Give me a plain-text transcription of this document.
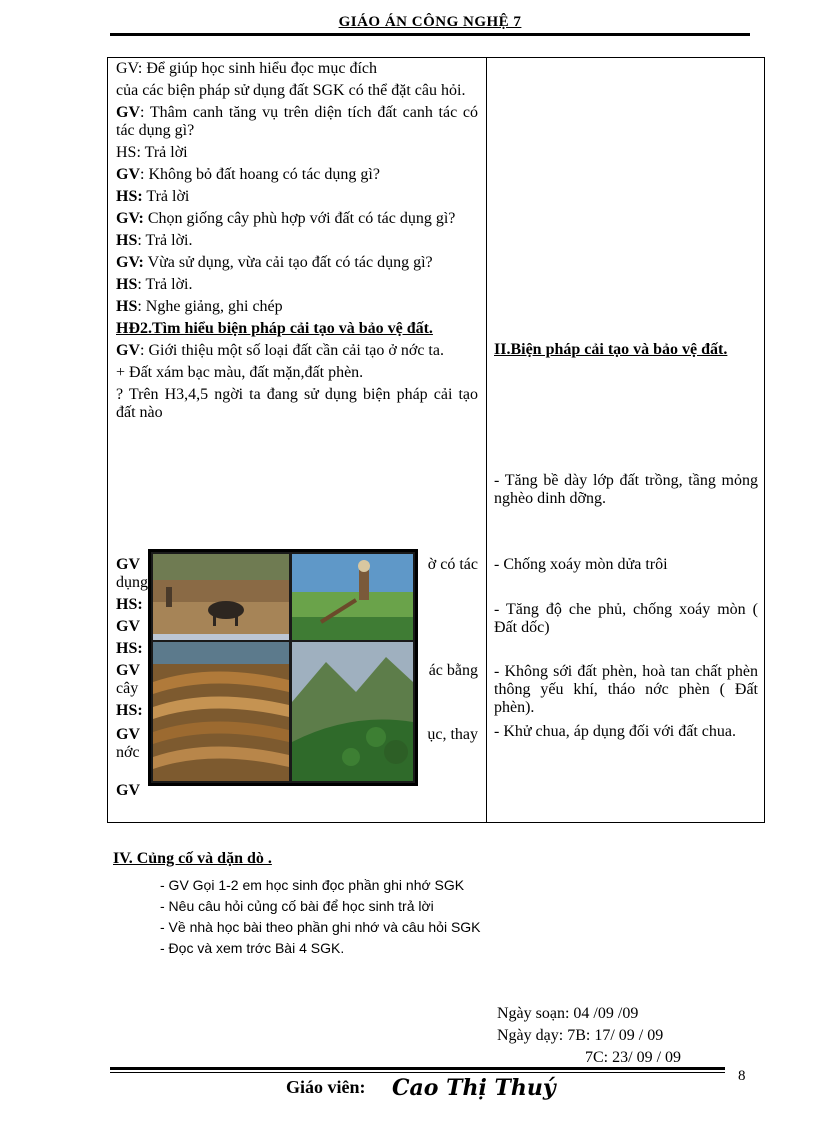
GIÁO ÁN CÔNG NGHỆ 7

GV: Để giúp học sinh hiểu đọc mục đích

của các biện pháp sử dụng đất SGK có thể đặt câu hỏi.

GV: Thâm canh tăng vụ trên diện tích đất canh tác có tác dụng gì?

HS: Trả lời

GV: Không bỏ đất hoang có tác dụng gì?

HS: Trả lời

GV: Chọn giống cây phù hợp với đất có tác dụng gì?

HS: Trả lời.

GV: Vừa sử dụng, vừa cải tạo đất có tác dụng gì?

HS: Trả lời.

HS: Nghe giảng, ghi chép

HĐ2.Tìm hiểu biện pháp cải tạo và bảo vệ đất.

GV: Giới thiệu một số loại đất cần cải tạo ở nớc ta.

+ Đất xám bạc màu, đất mặn,đất phèn.

? Trên H3,4,5 ngời ta đang sử dụng biện pháp cải tạo đất nào

GV	ờ có tác
dụng
HS:
GV
HS:
GV	ác bằng
cây
HS:
GV	ục, thay
nớc
GV

II.Biện pháp cải tạo và bảo vệ đất.

- Tăng bề dày lớp đất trồng, tầng mỏng nghèo dinh dỡng.

- Chống xoáy mòn dửa trôi

- Tăng độ che phủ, chống xoáy mòn ( Đất dốc)

- Không sới đất phèn, hoà tan chất phèn thông yếu khí, tháo nớc phèn ( Đất phèn).

- Khử chua, áp dụng đối với đất chua.

IV. Củng cố và dặn dò .
- GV Gọi 1-2 em học sinh đọc phần ghi nhớ SGK
- Nêu câu hỏi củng cố bài để học sinh trả lời
- Về nhà học bài theo phần ghi nhớ và câu hỏi SGK
- Đọc và xem trớc Bài 4 SGK.
Ngày soạn: 04 /09 /09
Ngày dạy: 7B: 17/ 09 / 09
7C: 23/ 09 / 09
Giáo viên: Cao Thị Thuý	8
